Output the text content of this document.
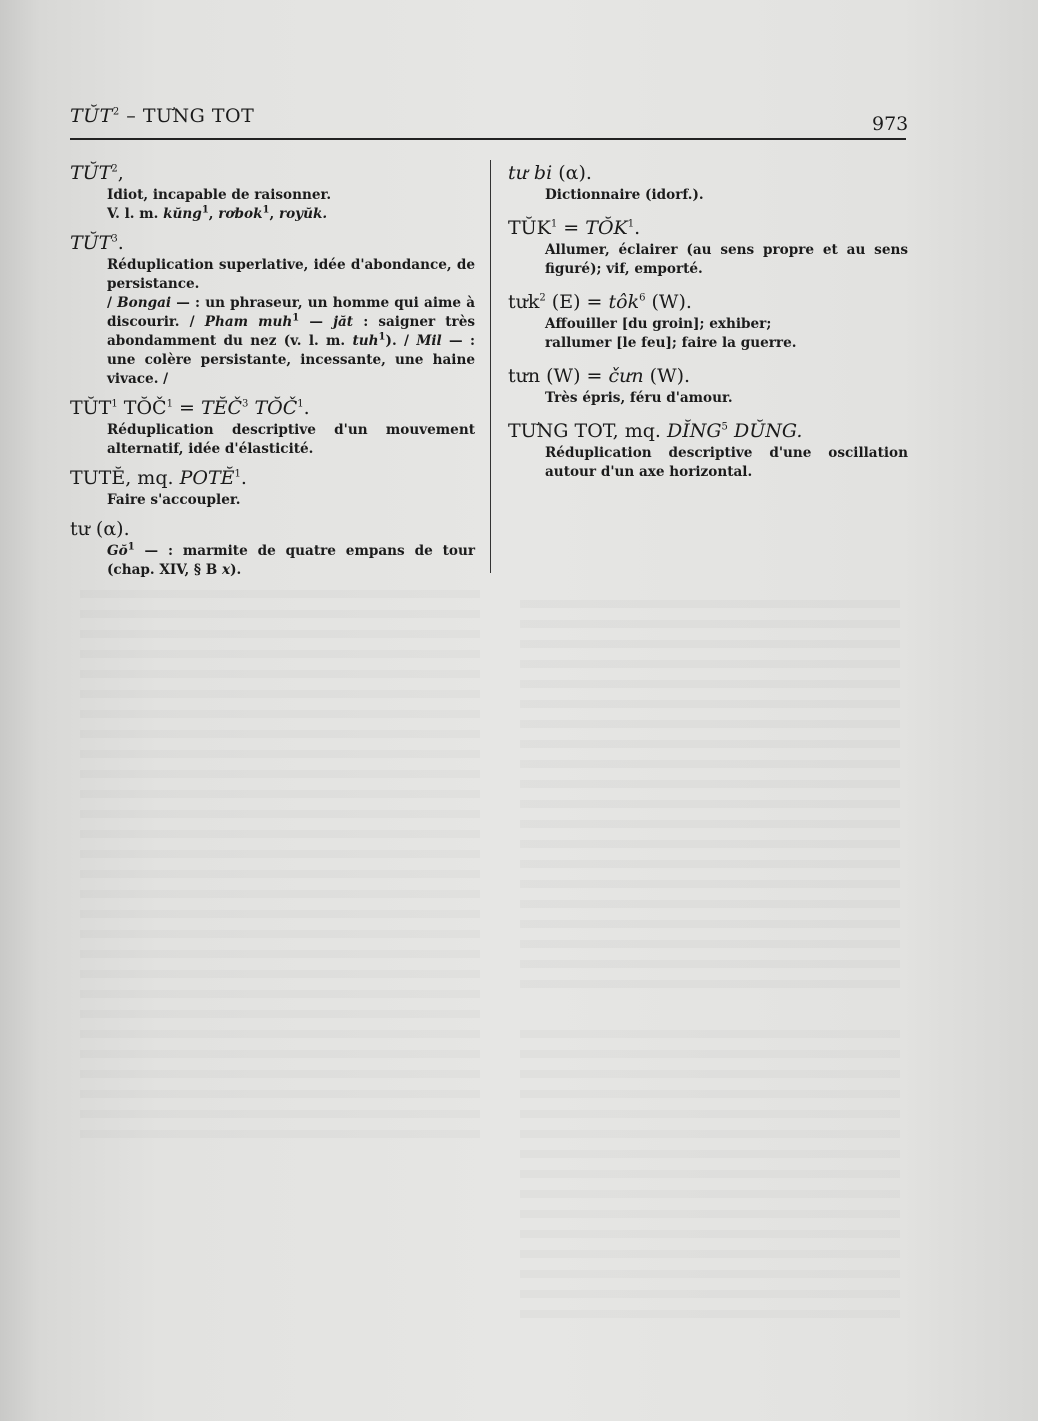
TŬT$^2$ – TƯNG TOT	973

TŬT$^2$,

Idiot, incapable de raisonner.

V. l. m. kŭng$^1$, rơbok$^1$, royŭk.

TŬT$^3$.

Réduplication superlative, idée d'abondance, de persistance.

/ Bongai — : un phraseur, un homme qui aime à discourir. / Pham muh$^1$ — jăt : saigner très abondamment du nez (v. l. m. tuh$^1$). / Mil — : une colère persistante, incessante, une haine vivace. /

TŬT$^1$ $TŎČ^1$ = $TĔČ^3$ TŎČ$^1$.

Réduplication descriptive d'un mouvement alternatif, idée d'élasticité.

TUTĔ, mq. POTĔ$^1$.

Faire s'accoupler.

tư (α).

$Gŏ^1$ — : marmite de quatre empans de tour (chap. XIV, § B x).

tư bi (α).

Dictionnaire (idorf.).

$TŬK^1$ = $TŎK^1$.

Allumer, éclairer (au sens propre et au sens figuré); vif, emporté.

tưk$^2$ (E) = tôk$^6$ (W).

Affouiller [du groin]; exhiber;

rallumer [le feu]; faire la guerre.

tưn (W) = čưn (W).

Très épris, féru d'amour.

TƯNG TOT, mq. DĬNG$^5$ DŬNG.

Réduplication descriptive d'une oscillation autour d'un axe horizontal.
